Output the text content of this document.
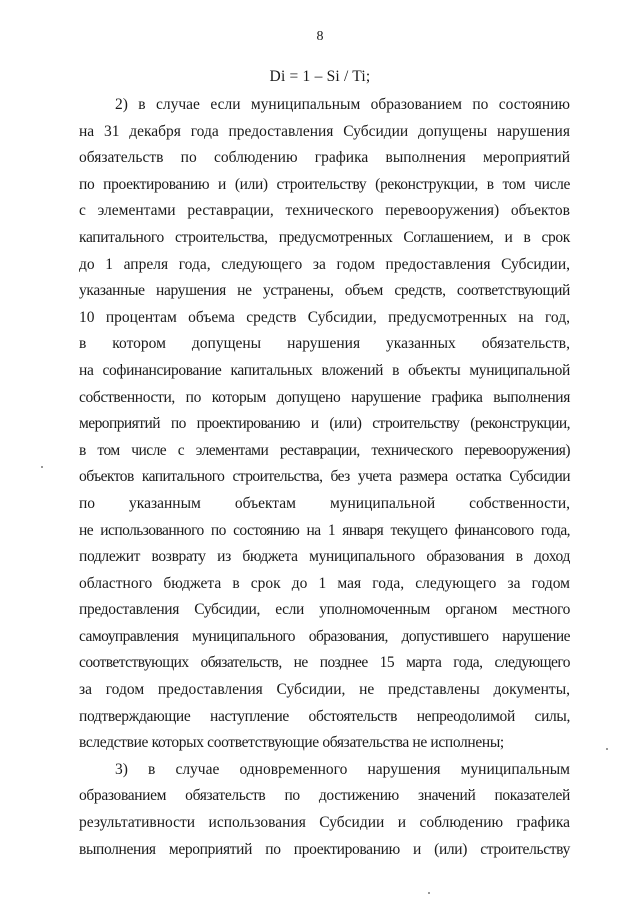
8
Di = 1 – Si / Ti;
2) в случае если муниципальным образованием по состоянию
на 31 декабря года предоставления Субсидии допущены нарушения
обязательств по соблюдению графика выполнения мероприятий
по проектированию и (или) строительству (реконструкции, в том числе
с элементами реставрации, технического перевооружения) объектов
капитального строительства, предусмотренных Соглашением, и в срок
до 1 апреля года, следующего за годом предоставления Субсидии,
указанные нарушения не устранены, объем средств, соответствующий
10 процентам объема средств Субсидии, предусмотренных на год,
в котором допущены нарушения указанных обязательств,
на софинансирование капитальных вложений в объекты муниципальной
собственности, по которым допущено нарушение графика выполнения
мероприятий по проектированию и (или) строительству (реконструкции,
в том числе с элементами реставрации, технического перевооружения)
объектов капитального строительства, без учета размера остатка Субсидии
по указанным объектам муниципальной собственности,
не использованного по состоянию на 1 января текущего финансового года,
подлежит возврату из бюджета муниципального образования в доход
областного бюджета в срок до 1 мая года, следующего за годом
предоставления Субсидии, если уполномоченным органом местного
самоуправления муниципального образования, допустившего нарушение
соответствующих обязательств, не позднее 15 марта года, следующего
за годом предоставления Субсидии, не представлены документы,
подтверждающие наступление обстоятельств непреодолимой силы,
вследствие которых соответствующие обязательства не исполнены;
3) в случае одновременного нарушения муниципальным
образованием обязательств по достижению значений показателей
результативности использования Субсидии и соблюдению графика
выполнения мероприятий по проектированию и (или) строительству
